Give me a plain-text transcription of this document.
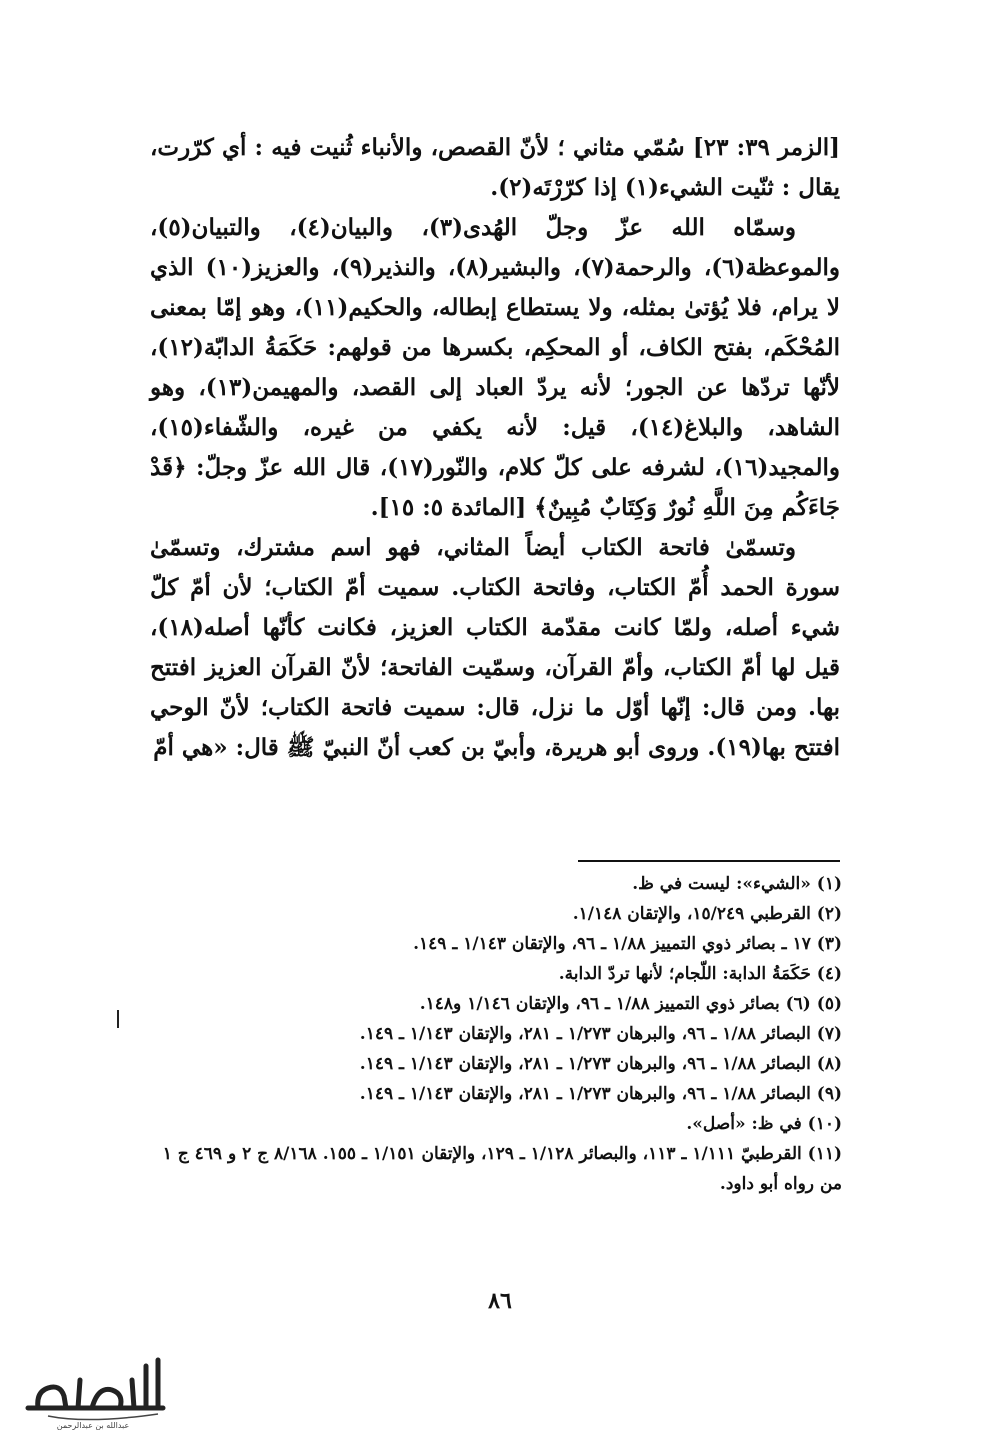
[الزمر ٣٩: ٢٣] سُمّي مثاني ؛ لأنّ القصص، والأنباء ثُنيت فيه : أي كرّرت، يقال : ثنّيت الشيء(١) إذا كرّرْتَه(٢).

وسمّاه الله عزّ وجلّ الهُدى(٣)، والبيان(٤)، والتبيان(٥)، والموعظة(٦)، والرحمة(٧)، والبشير(٨)، والنذير(٩)، والعزيز(١٠) الذي لا يرام، فلا يُؤتىٰ بمثله، ولا يستطاع إبطاله، والحكيم(١١)، وهو إمّا بمعنى المُحْكَم، بفتح الكاف، أو المحكِم، بكسرها من قولهم: حَكَمَةُ الدابّة(١٢)، لأنّها تردّها عن الجور؛ لأنه يردّ العباد إلى القصد، والمهيمن(١٣)، وهو الشاهد، والبلاغ(١٤)، قيل: لأنه يكفي من غيره، والشّفاء(١٥)، والمجيد(١٦)، لشرفه على كلّ كلام، والنّور(١٧)، قال الله عزّ وجلّ: ﴿قَدْ جَاءَكُم مِنَ اللَّهِ نُورٌ وَكِتَابٌ مُبِينٌ﴾ [المائدة ٥: ١٥].

وتسمّىٰ فاتحة الكتاب أيضاً المثاني، فهو اسم مشترك، وتسمّىٰ سورة الحمد أُمّ الكتاب، وفاتحة الكتاب. سميت أمّ الكتاب؛ لأن أمّ كلّ شيء أصله، ولمّا كانت مقدّمة الكتاب العزيز، فكانت كأنّها أصله(١٨)، قيل لها أمّ الكتاب، وأمّ القرآن، وسمّيت الفاتحة؛ لأنّ القرآن العزيز افتتح بها. ومن قال: إنّها أوّل ما نزل، قال: سميت فاتحة الكتاب؛ لأنّ الوحي افتتح بها(١٩). وروى أبو هريرة، وأبيّ بن كعب أنّ النبيّ ﷺ قال: «هي أمّ

(١) «الشيء»: ليست في ظ.
(٢) القرطبي ١٥/٢٤٩، والإتقان ١/١٤٨.
(٣) ١٧ ـ بصائر ذوي التمييز ١/٨٨ ـ ٩٦، والإتقان ١/١٤٣ ـ ١٤٩.
(٤) حَكَمَةُ الدابة: اللّجام؛ لأنها تردّ الدابة.
(٥) (٦) بصائر ذوي التمييز ١/٨٨ ـ ٩٦، والإتقان ١/١٤٦ و١٤٨.
(٧) البصائر ١/٨٨ ـ ٩٦، والبرهان ١/٢٧٣ ـ ٢٨١، والإتقان ١/١٤٣ ـ ١٤٩.
(٨) البصائر ١/٨٨ ـ ٩٦، والبرهان ١/٢٧٣ ـ ٢٨١، والإتقان ١/١٤٣ ـ ١٤٩.
(٩) البصائر ١/٨٨ ـ ٩٦، والبرهان ١/٢٧٣ ـ ٢٨١، والإتقان ١/١٤٣ ـ ١٤٩.
(١٠) في ظ: «أصل».
(١١) القرطبيّ ١/١١١ ـ ١١٣، والبصائر ١/١٢٨ ـ ١٢٩، والإتقان ١/١٥١ ـ ١٥٥. ٨/١٦٨ ج ٢ و ٤٦٩ ج ١ من رواه أبو داود.
٨٦
عبدالله بن عبدالرحمن
